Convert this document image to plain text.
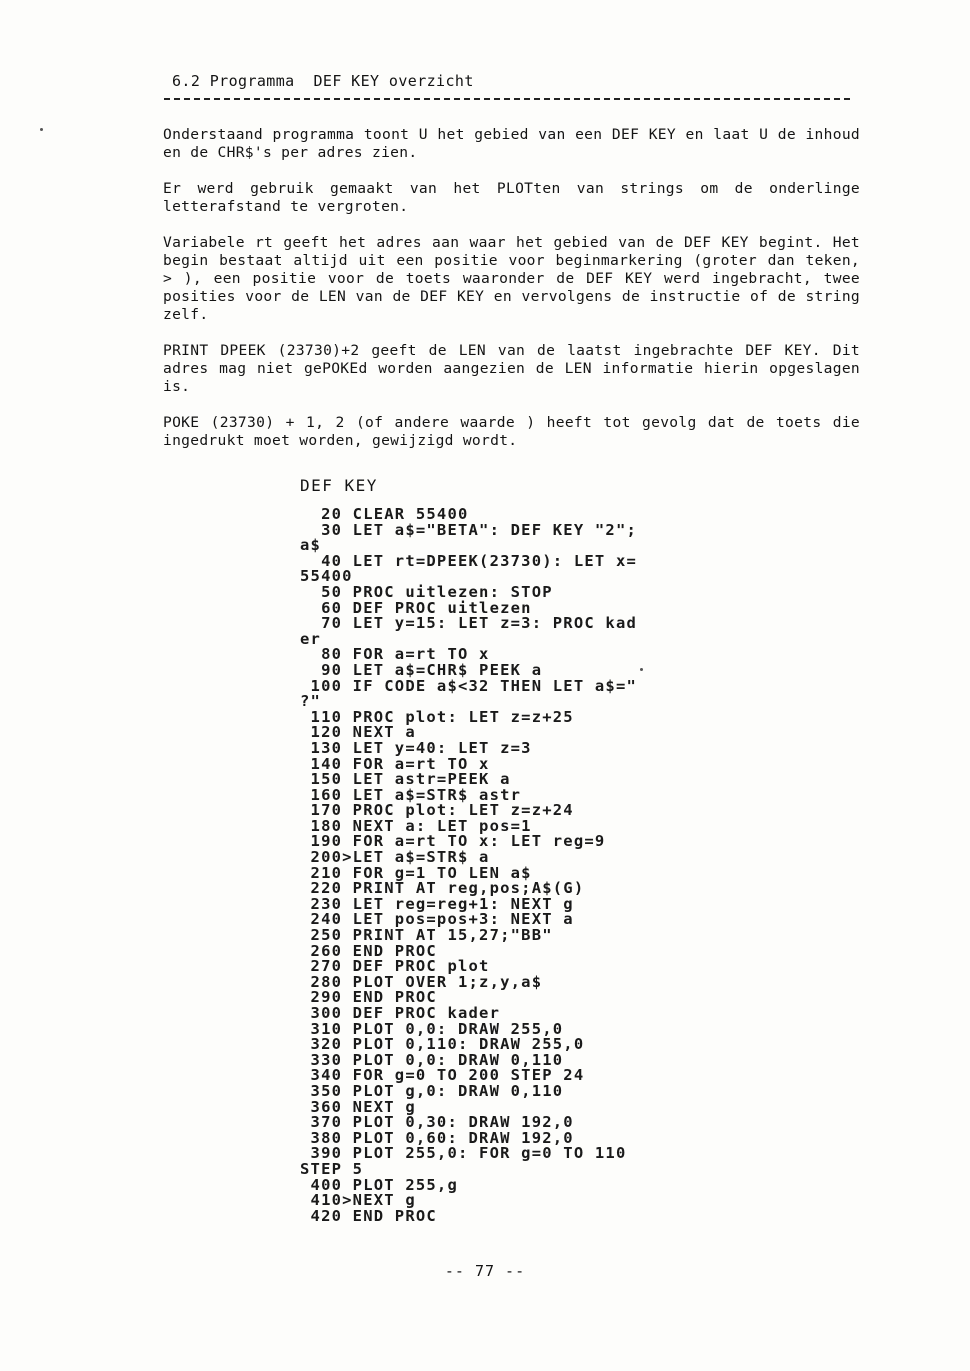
6.2 Programma  DEF KEY overzicht

Onderstaand programma toont U het gebied van een DEF KEY en laat U de inhoud en de CHR$'s per adres zien.

Er werd gebruik gemaakt van het PLOTten van strings om de onderlinge letterafstand te vergroten.

Variabele rt geeft het adres aan waar het gebied van de DEF KEY begint. Het begin bestaat altijd uit een positie voor beginmarkering (groter dan teken, > ), een positie voor de toets waaronder de DEF KEY werd ingebracht, twee posities voor de LEN van de DEF KEY en vervolgens de instructie of de string zelf.

PRINT DPEEK (23730)+2 geeft de LEN van de laatst ingebrachte DEF KEY. Dit adres mag niet gePOKEd worden aangezien de LEN informatie hierin opgeslagen is.

POKE (23730) + 1, 2 (of andere waarde ) heeft tot gevolg dat de toets die ingedrukt moet worden, gewijzigd wordt.

DEF KEY
20 CLEAR 55400
30 LET a$="BETA": DEF KEY "2";
a$
40 LET rt=DPEEK(23730): LET x=
55400
50 PROC uitlezen: STOP
60 DEF PROC uitlezen
70 LET y=15: LET z=3: PROC kad
er
80 FOR a=rt TO x
90 LET a$=CHR$ PEEK a
100 IF CODE a$<32 THEN LET a$="
?"
110 PROC plot: LET z=z+25
120 NEXT a
130 LET y=40: LET z=3
140 FOR a=rt TO x
150 LET astr=PEEK a
160 LET a$=STR$ astr
170 PROC plot: LET z=z+24
180 NEXT a: LET pos=1
190 FOR a=rt TO x: LET reg=9
200>LET a$=STR$ a
210 FOR g=1 TO LEN a$
220 PRINT AT reg,pos;A$(G)
230 LET reg=reg+1: NEXT g
240 LET pos=pos+3: NEXT a
250 PRINT AT 15,27;"BB"
260 END PROC
270 DEF PROC plot
280 PLOT OVER 1;z,y,a$
290 END PROC
300 DEF PROC kader
310 PLOT 0,0: DRAW 255,0
320 PLOT 0,110: DRAW 255,0
330 PLOT 0,0: DRAW 0,110
340 FOR g=0 TO 200 STEP 24
350 PLOT g,0: DRAW 0,110
360 NEXT g
370 PLOT 0,30: DRAW 192,0
380 PLOT 0,60: DRAW 192,0
390 PLOT 255,0: FOR g=0 TO 110
STEP 5
400 PLOT 255,g
410>NEXT g
420 END PROC
-- 77 --
